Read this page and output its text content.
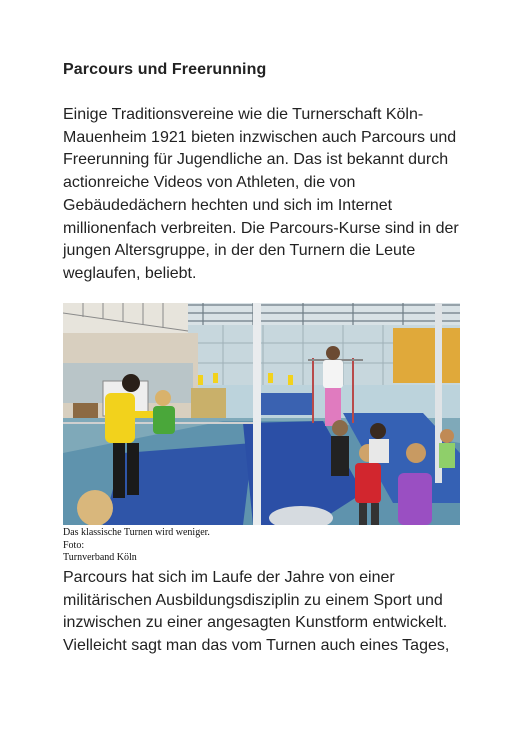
Parcours und Freerunning

Einige Traditionsvereine wie die Turnerschaft Köln-Mauenheim 1921 bieten inzwischen auch Parcours und Freerunning für Jugendliche an. Das ist bekannt durch actionreiche Videos von Athleten, die von Gebäudedächern hechten und sich im Internet millionenfach verbreiten. Die Parcours-Kurse sind in der jungen Altersgruppe, in der den Turnern die Leute weglaufen, beliebt.

Das klassische Turnen wird weniger.
Foto:
Turnverband Köln

Parcours hat sich im Laufe der Jahre von einer militärischen Ausbildungsdisziplin zu einem Sport und inzwischen zu einer angesagten Kunstform entwickelt. Vielleicht sagt man das vom Turnen auch eines Tages,
